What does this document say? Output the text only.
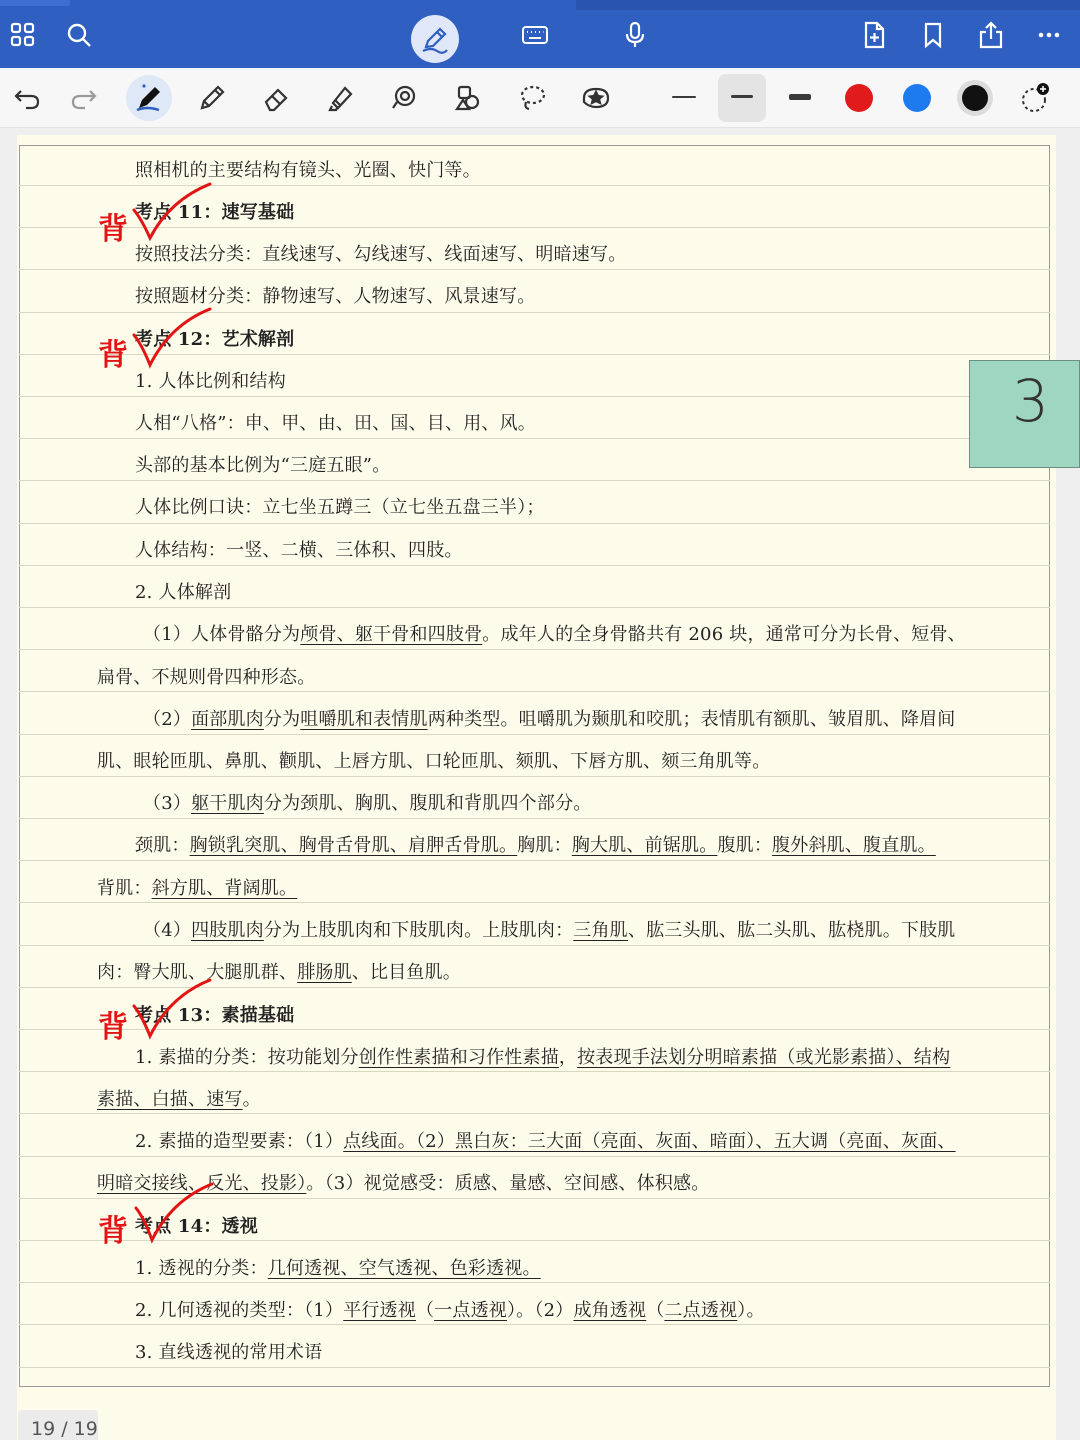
照相机的主要结构有镜头、光圈、快门等。
考点 11：速写基础
按照技法分类：直线速写、勾线速写、线面速写、明暗速写。
按照题材分类：静物速写、人物速写、风景速写。
考点 12：艺术解剖
1. 人体比例和结构
人相“八格”：申、甲、由、田、国、目、用、风。
头部的基本比例为“三庭五眼”。
人体比例口诀：立七坐五蹲三（立七坐五盘三半）；
人体结构：一竖、二横、三体积、四肢。
2. 人体解剖
（1）人体骨骼分为颅骨、躯干骨和四肢骨。成年人的全身骨骼共有 206 块，通常可分为长骨、短骨、
扁骨、不规则骨四种形态。
（2）面部肌肉分为咀嚼肌和表情肌两种类型。咀嚼肌为颞肌和咬肌；表情肌有额肌、皱眉肌、降眉间
肌、眼轮匝肌、鼻肌、颧肌、上唇方肌、口轮匝肌、颏肌、下唇方肌、颏三角肌等。
（3）躯干肌肉分为颈肌、胸肌、腹肌和背肌四个部分。
颈肌：胸锁乳突肌、胸骨舌骨肌、肩胛舌骨肌。胸肌：胸大肌、前锯肌。腹肌：腹外斜肌、腹直肌。
背肌：斜方肌、背阔肌。
（4）四肢肌肉分为上肢肌肉和下肢肌肉。上肢肌肉：三角肌、肱三头肌、肱二头肌、肱桡肌。下肢肌
肉：臀大肌、大腿肌群、腓肠肌、比目鱼肌。
考点 13：素描基础
1. 素描的分类：按功能划分创作性素描和习作性素描，按表现手法划分明暗素描（或光影素描）、结构
素描、白描、速写。
2. 素描的造型要素：（1）点线面。（2）黑白灰：三大面（亮面、灰面、暗面）、五大调（亮面、灰面、
明暗交接线、反光、投影）。（3）视觉感受：质感、量感、空间感、体积感。
考点 14：透视
1. 透视的分类：几何透视、空气透视、色彩透视。
2. 几何透视的类型：（1）平行透视（一点透视）。（2）成角透视（二点透视）。
3. 直线透视的常用术语
背
背
背
背
3
19 / 19
